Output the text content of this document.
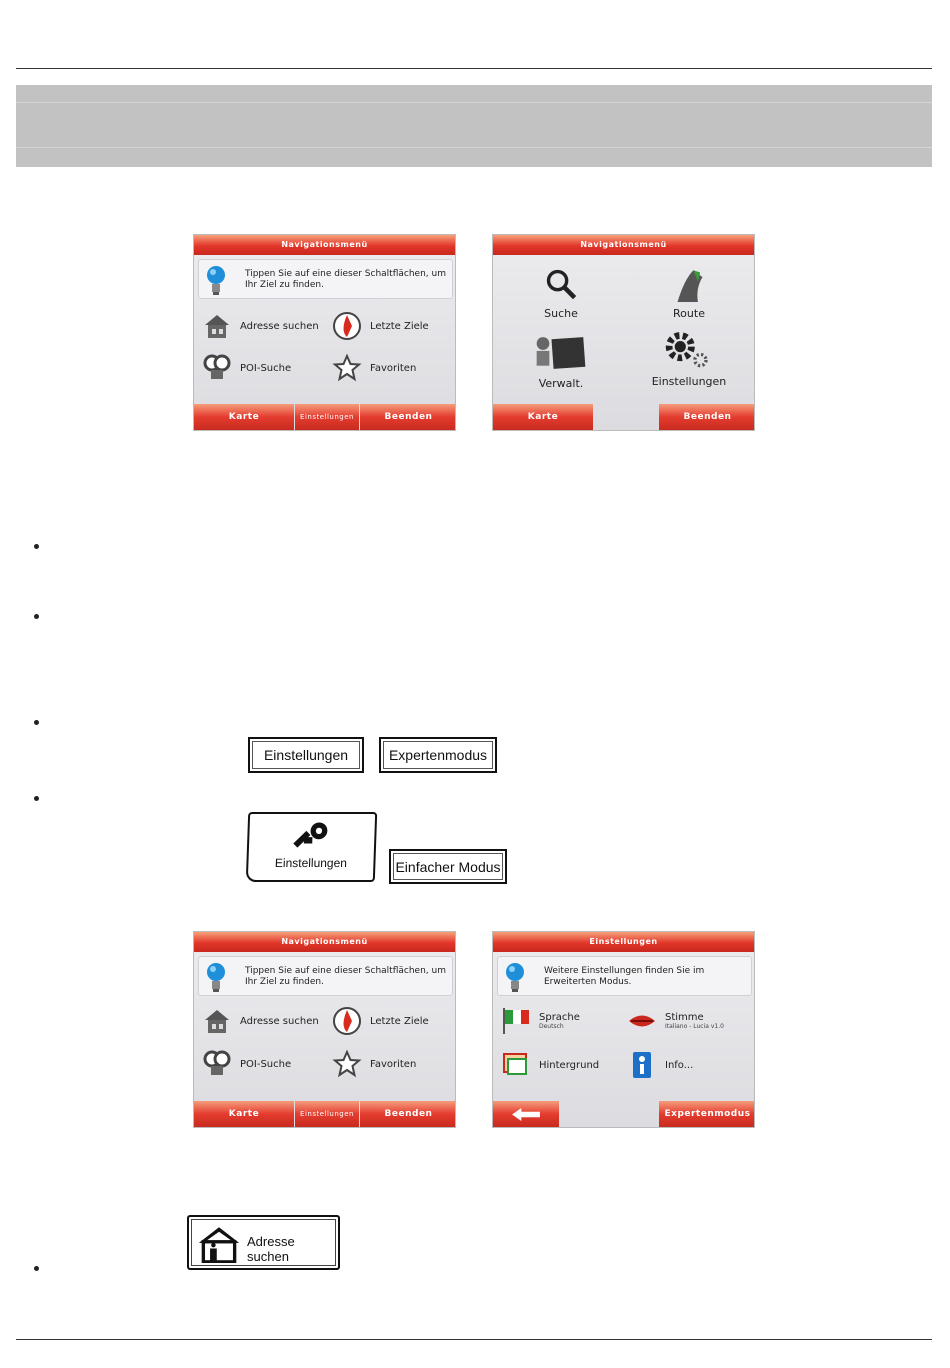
Navigationsmenü
Tippen Sie auf eine dieser Schaltflächen, um Ihr Ziel zu finden.
Adresse suchen	Letzte Ziele
POI-Suche	Favoriten
Karte	Einstellungen	Beenden
Navigationsmenü
Suche	Route
Verwalt.	Einstellungen
Karte	Beenden
Einstellungen	Expertenmodus
Einstellungen	Einfacher Modus
Navigationsmenü
Tippen Sie auf eine dieser Schaltflächen, um Ihr Ziel zu finden.
Adresse suchen	Letzte Ziele
POI-Suche	Favoriten
Karte	Einstellungen	Beenden
Einstellungen
Weitere Einstellungen finden Sie im Erweiterten Modus.
Sprache
Deutsch
Stimme
Italiano - Lucia v1.0
Hintergrund	Info...
Expertenmodus
Adresse suchen
